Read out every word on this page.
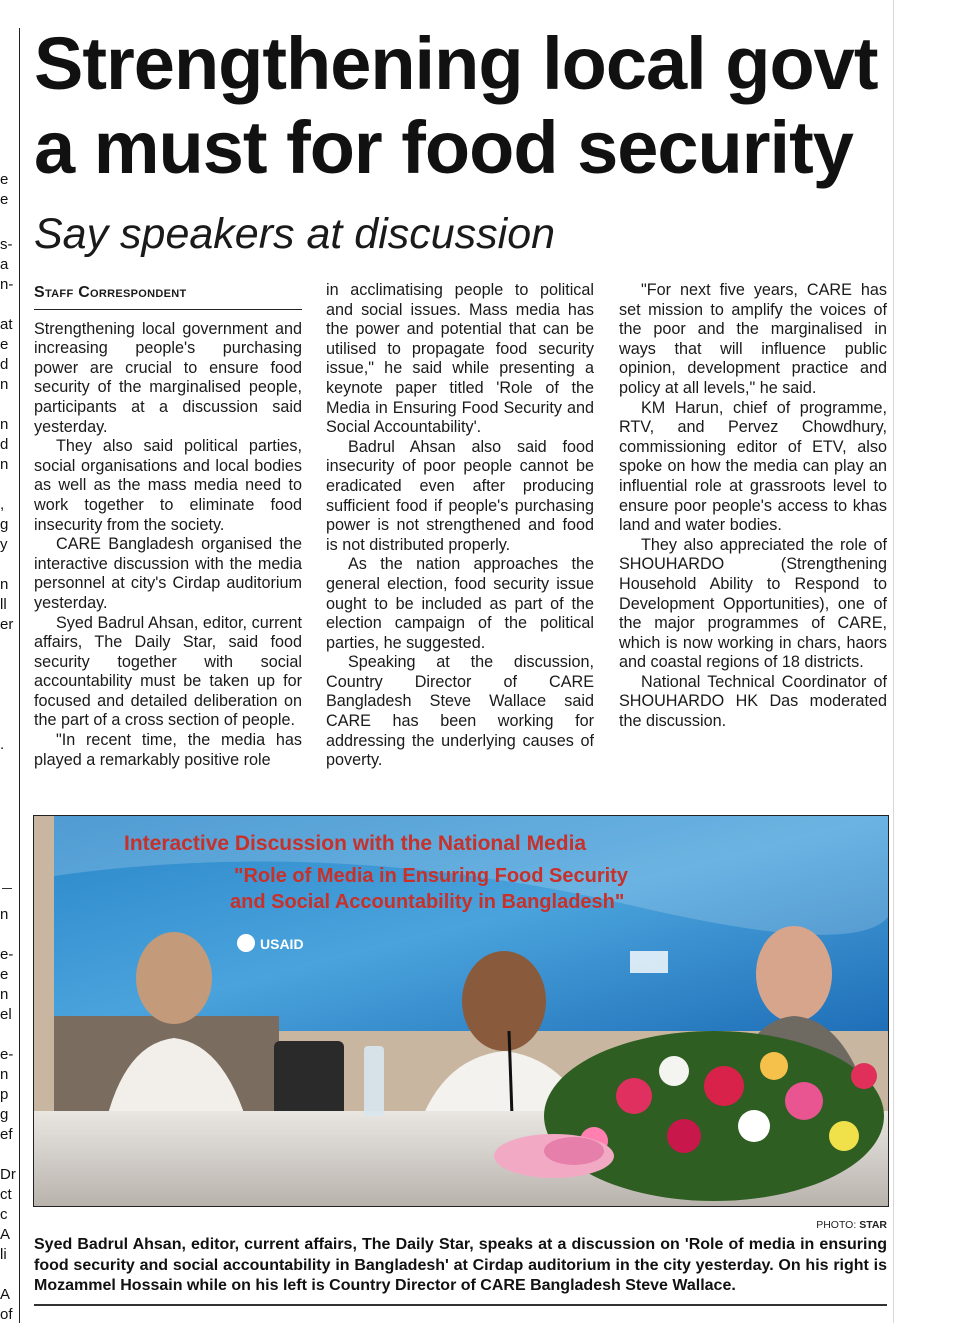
e
e
s-
a
n-
at
e
d
n
n
d
n
,
g
y
n
ll
er
.
n
e-
e
n
el
e-
n
p
g
ef
Dr
ct
c
A
li
A
of
Strengthening local govt a must for food security
Say speakers at discussion
Staff Correspondent

Strengthening local government and increasing people's purchasing power are crucial to ensure food security of the marginalised people, participants at a discussion said yesterday.

They also said political parties, social organisations and local bodies as well as the mass media need to work together to eliminate food insecurity from the society.

CARE Bangladesh organised the interactive discussion with the media personnel at city's Cirdap auditorium yesterday.

Syed Badrul Ahsan, editor, current affairs, The Daily Star, said food security together with social accountability must be taken up for focused and detailed deliberation on the part of a cross section of people.

"In recent time, the media has played a remarkably positive role

in acclimatising people to political and social issues. Mass media has the power and potential that can be utilised to propagate food security issue," he said while presenting a keynote paper titled 'Role of the Media in Ensuring Food Security and Social Accountability'.

Badrul Ahsan also said food insecurity of poor people cannot be eradicated even after producing sufficient food if people's purchasing power is not strengthened and food is not distributed properly.

As the nation approaches the general election, food security issue ought to be included as part of the election campaign of the political parties, he suggested.

Speaking at the discussion, Country Director of CARE Bangladesh Steve Wallace said CARE has been working for addressing the underlying causes of poverty.

"For next five years, CARE has set mission to amplify the voices of the poor and the marginalised in ways that will influence public opinion, development practice and policy at all levels," he said.

KM Harun, chief of programme, RTV, and Pervez Chowdhury, commissioning editor of ETV, also spoke on how the media can play an influential role at grassroots level to ensure poor people's access to khas land and water bodies.

They also appreciated the role of SHOUHARDO (Strengthening Household Ability to Respond to Development Opportunities), one of the major programmes of CARE, which is now working in chars, haors and coastal regions of 18 districts.

National Technical Coordinator of SHOUHARDO HK Das moderated the discussion.

Interactive Discussion with the National Media
"Role of Media in Ensuring Food Security
and Social Accountability in Bangladesh"
USAID
PHOTO: STAR

Syed Badrul Ahsan, editor, current affairs, The Daily Star, speaks at a discussion on 'Role of media in ensuring food security and social accountability in Bangladesh' at Cirdap auditorium in the city yesterday. On his right is Mozammel Hossain while on his left is Country Director of CARE Bangladesh Steve Wallace.
